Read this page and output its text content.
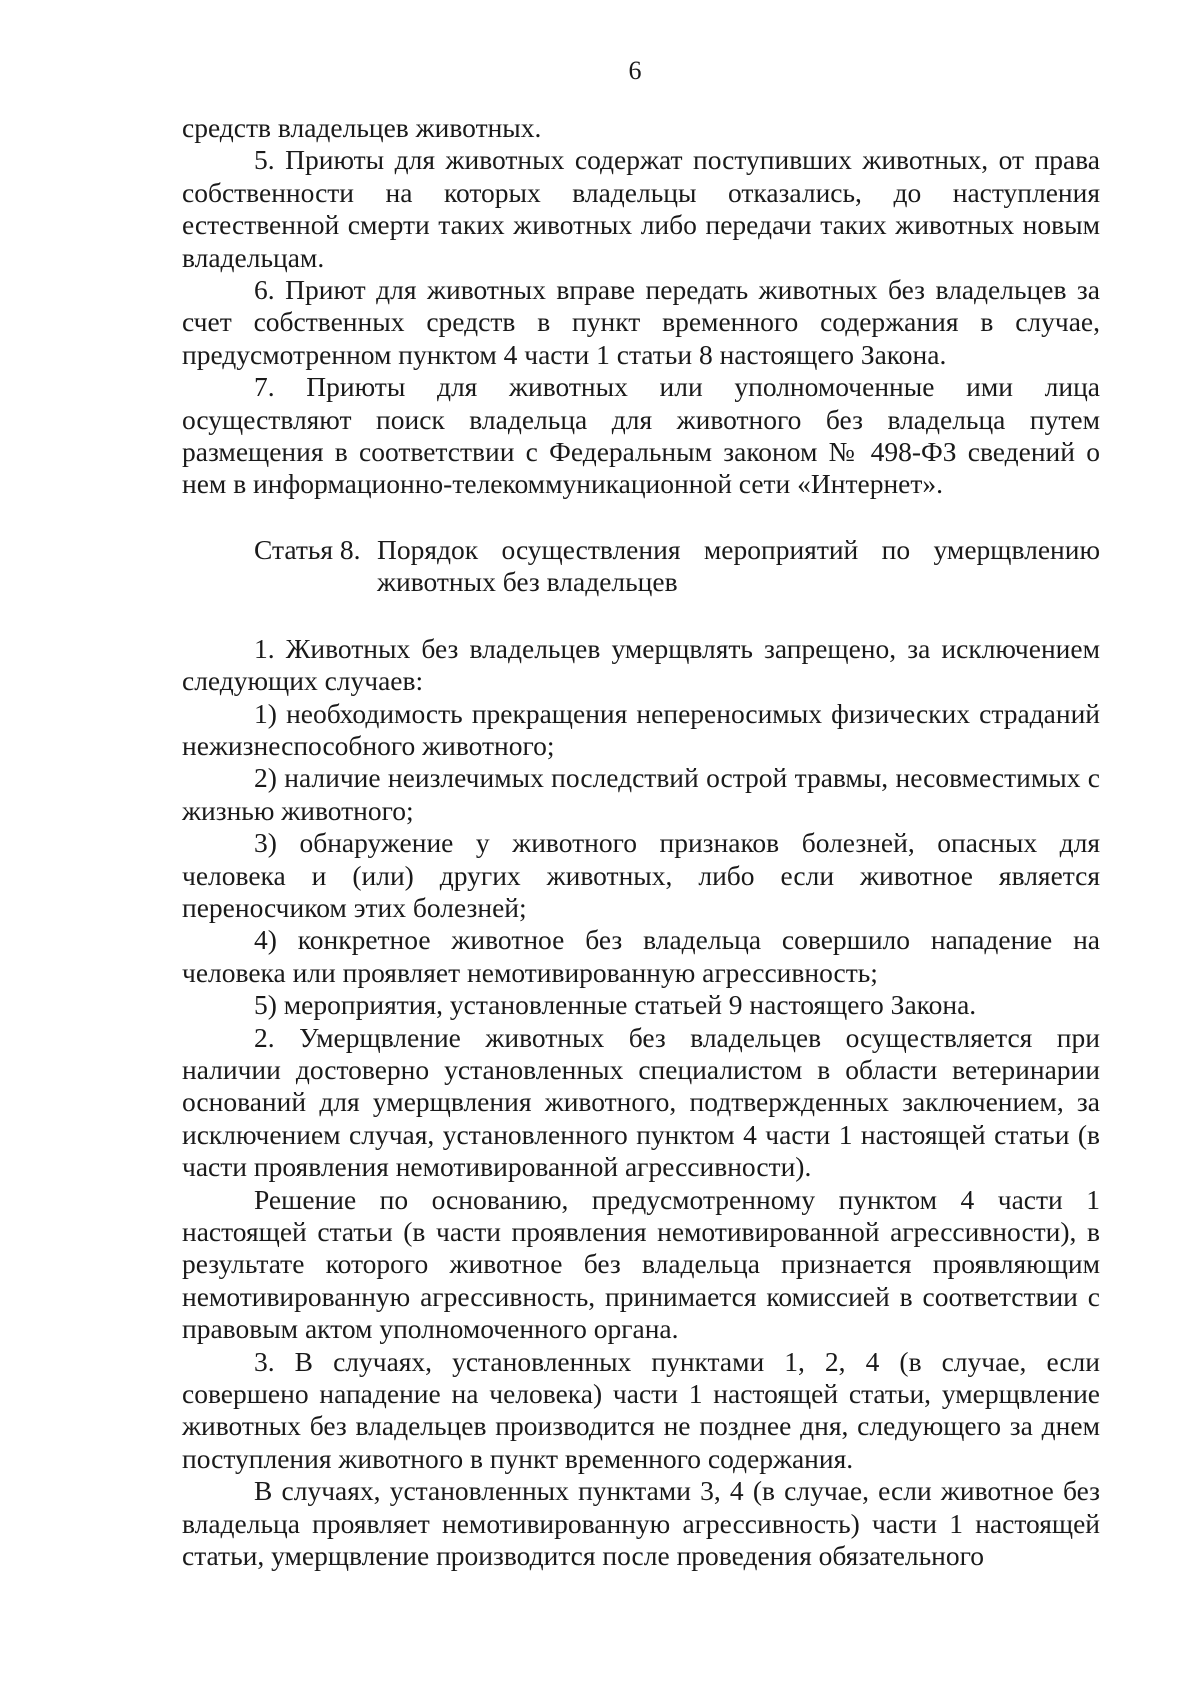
6

средств владельцев животных.

5. Приюты для животных содержат поступивших животных, от права собственности на которых владельцы отказались, до наступления естественной смерти таких животных либо передачи таких животных новым владельцам.

6. Приют для животных вправе передать животных без владельцев за счет собственных средств в пункт временного содержания в случае, предусмотренном пунктом 4 части 1 статьи 8 настоящего Закона.

7. Приюты для животных или уполномоченные ими лица осуществляют поиск владельца для животного без владельца путем размещения в соответствии с Федеральным законом № 498-ФЗ сведений о нем в информационно-телекоммуникационной сети «Интернет».

Статья 8. Порядок осуществления мероприятий по умерщвлению животных без владельцев

1. Животных без владельцев умерщвлять запрещено, за исключением следующих случаев:

1) необходимость прекращения непереносимых физических страданий нежизнеспособного животного;

2) наличие неизлечимых последствий острой травмы, несовместимых с жизнью животного;

3) обнаружение у животного признаков болезней, опасных для человека и (или) других животных, либо если животное является переносчиком этих болезней;

4) конкретное животное без владельца совершило нападение на человека или проявляет немотивированную агрессивность;

5) мероприятия, установленные статьей 9 настоящего Закона.

2. Умерщвление животных без владельцев осуществляется при наличии достоверно установленных специалистом в области ветеринарии оснований для умерщвления животного, подтвержденных заключением, за исключением случая, установленного пунктом 4 части 1 настоящей статьи (в части проявления немотивированной агрессивности).

Решение по основанию, предусмотренному пунктом 4 части 1 настоящей статьи (в части проявления немотивированной агрессивности), в результате которого животное без владельца признается проявляющим немотивированную агрессивность, принимается комиссией в соответствии с правовым актом уполномоченного органа.

3. В случаях, установленных пунктами 1, 2, 4 (в случае, если совершено нападение на человека) части 1 настоящей статьи, умерщвление животных без владельцев производится не позднее дня, следующего за днем поступления животного в пункт временного содержания.

В случаях, установленных пунктами 3, 4 (в случае, если животное без владельца проявляет немотивированную агрессивность) части 1 настоящей статьи, умерщвление производится после проведения обязательного
